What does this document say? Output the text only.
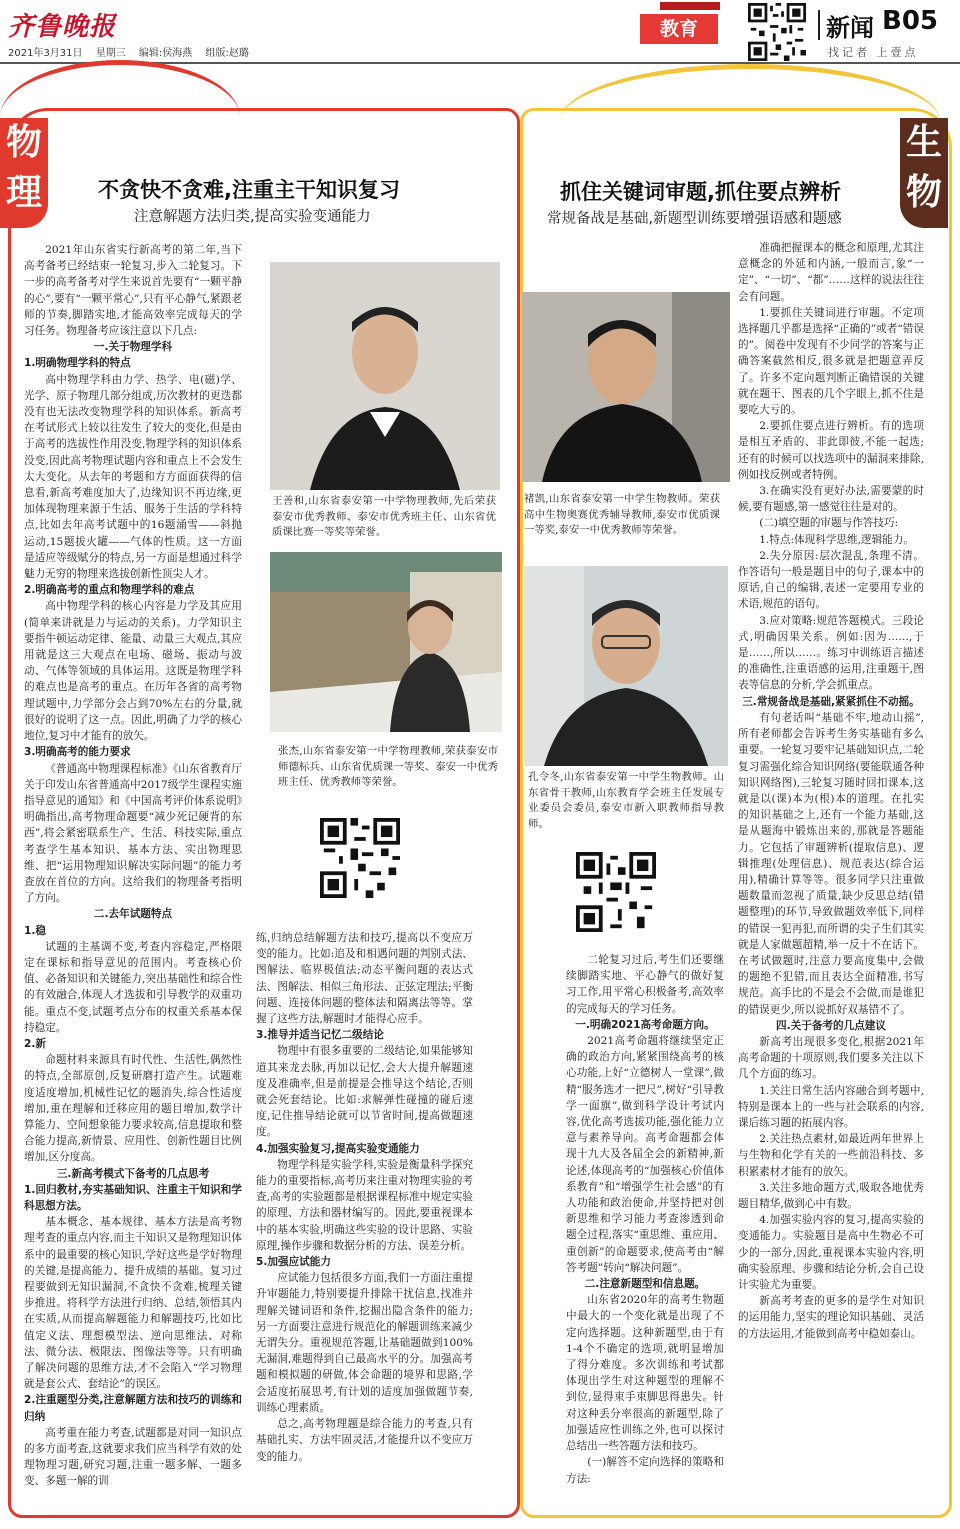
齐鲁晚报
2021年3月31日 星期三 编辑:侯海燕 组版:赵璐
教育	新闻 B05
找记者 上壹点
物
理	不贪快不贪难,注重主干知识复习
注意解题方法归类,提高实验变通能力

2021年山东省实行新高考的第二年,当下高考备考已经结束一轮复习,步入二轮复习。下一步的高考备考对学生来说首先要有“一颗平静的心”,要有“一颗平常心”,只有平心静气,紧跟老师的节奏,脚踏实地,才能高效率完成每天的学习任务。物理备考应该注意以下几点:

一.关于物理学科

1.明确物理学科的特点

高中物理学科由力学、热学、电(磁)学、光学、原子物理几部分组成,历次教材的更迭都没有也无法改变物理学科的知识体系。新高考在考试形式上较以往发生了较大的变化,但是由于高考的选拔性作用没变,物理学科的知识体系没变,因此高考物理试题内容和重点上不会发生太大变化。从去年的考题和方方面面获得的信息看,新高考难度加大了,边缘知识不再边缘,更加体现物理来源于生活、服务于生活的学科特点,比如去年高考试题中的16题涌雪——斜抛运动,15题拔火罐——气体的性质。这一方面是适应等级赋分的特点,另一方面是想通过科学魅力无穷的物理来选拔创新性顶尖人才。

2.明确高考的重点和物理学科的难点

高中物理学科的核心内容是力学及其应用(简单来讲就是力与运动的关系)。力学知识主要指牛顿运动定律、能量、动量三大观点,其应用就是这三大观点在电场、磁场、振动与波动、气体等领域的具体运用。这既是物理学科的难点也是高考的重点。在历年各省的高考物理试题中,力学部分会占到70%左右的分量,就很好的说明了这一点。因此,明确了力学的核心地位,复习中才能有的放矢。

3.明确高考的能力要求

《普通高中物理课程标准》《山东省教育厅关于印发山东省普通高中2017级学生课程实施指导意见的通知》和《中国高考评价体系说明》明确指出,高考物理命题要“减少死记硬背的东西”,将会紧密联系生产、生活、科技实际,重点考查学生基本知识、基本方法、实出物理思维、把“运用物理知识解决实际问题”的能力考查放在首位的方向。这给我们的物理备考指明了方向。

二.去年试题特点

1.稳

试题的主基调不变,考查内容稳定,严格限定在课标和指导意见的范围内。考查核心价值、必备知识和关键能力,突出基础性和综合性的有效融合,体现人才选拔和引导教学的双重功能。重点不变,试题考点分布的权重关系基本保持稳定。

2.新

命题材料来源具有时代性、生活性,偶然性的特点,全部原创,反复研磨打造产生。试题难度适度增加,机械性记忆的题消失,综合性适度增加,重在理解和迁移应用的题目增加,数学计算能力、空间想象能力要求较高,信息提取和整合能力提高,新情景、应用性、创新性题目比例增加,区分度高。

三.新高考模式下备考的几点思考

1.回归教材,夯实基础知识、注重主干知识和学科思想方法。

基本概念、基本规律、基本方法是高考物理考查的重点内容,而主干知识又是物理知识体系中的最重要的核心知识,学好这些是学好物理的关键,是提高能力、提升成绩的基础。复习过程要做到无知识漏洞,不贪快不贪难,梳理关键步推进。将科学方法进行归纳、总结,领悟其内在实质,从而提高解题能力和解题技巧,比如比值定义法、理想模型法、逆向思维法、对称法、微分法、极限法、图像法等等。只有明确了解决问题的思维方法,才不会陷入“学习物理就是套公式、套结论”的误区。

2.注重题型分类,注意解题方法和技巧的训练和归纳

高考重在能力考查,试题都是对同一知识点的多方面考查,这就要求我们应当科学有效的处理物理习题,研究习题,注重一题多解、一题多变、多题一解的训

练,归纳总结解题方法和技巧,提高以不变应万变的能力。比如:追及和相遇问题的判别式法、图解法、临界极值法;动态平衡问题的表达式法、图解法、相似三角形法、正弦定理法;平衡问题、连接体问题的整体法和隔离法等等。掌握了这些方法,解题时才能得心应手。

3.推导并适当记忆二级结论

物理中有很多重要的二级结论,如果能够知道其来龙去脉,再加以记忆,会大大提升解题速度及准确率,但是前提是会推导这个结论,否则就会死套结论。比如:求解弹性碰撞的碰后速度,记住推导结论就可以节省时间,提高做题速度。

4.加强实验复习,提高实验变通能力

物理学科是实验学科,实验是衡量科学探究能力的重要指标,高考历来注重对物理实验的考查,高考的实验题都是根据课程标准中规定实验的原理、方法和器材编写的。因此,要重视课本中的基本实验,明确这些实验的设计思路、实验原理,操作步骤和数据分析的方法、误差分析。

5.加强应试能力

应试能力包括很多方面,我们一方面注重提升审题能力,特别要提升排除干扰信息,找准并理解关键词语和条件,挖掘出隐含条件的能力;另一方面要注意进行规范化的解题训练来减少无谓失分。重视规范答题,让基础题做到100%无漏洞,难题得到自己最高水平的分。加强高考题和模拟题的研做,体会命题的境界和思路,学会适度拓展思考,有计划的适度加强做题节奏,训练心理素质。

总之,高考物理题是综合能力的考查,只有基础扎实、方法牢固灵活,才能提升以不变应万变的能力。

王善和,山东省泰安第一中学物理教师,先后荣获泰安市优秀教师、泰安市优秀班主任、山东省优质课比赛一等奖等荣誉。
张杰,山东省泰安第一中学物理教师,荣获泰安市师德标兵、山东省优质课一等奖、泰安一中优秀班主任、优秀教师等荣誉。
生
物
抓住关键词审题,抓住要点辨析
常规备战是基础,新题型训练要增强语感和题感
褚凯,山东省泰安第一中学生物教师。荣获高中生物奥赛优秀辅导教师,泰安市优质课一等奖,泰安一中优秀教师等荣誉。
孔令冬,山东省泰安第一中学生物教师。山东省骨干教师,山东教育学会班主任发展专业委员会委员,泰安市新入职教师指导教师。

二轮复习过后,考生们还要继续脚踏实地、平心静气的做好复习工作,用平常心积极备考,高效率的完成每天的学习任务。

一.明确2021高考命题方向。

2021高考命题将继续坚定正确的政治方向,紧紧围绕高考的核心功能,上好“立德树人一堂课”,做精“服务选才一把尺”,树好“引导教学一面旗”,做到科学设计考试内容,优化高考选拔功能,强化能力立意与素养导向。高考命题都会体现十九大及各届全会的新精神,新论述,体现高考的“加强核心价值体系教育”和“增强学生社会感”的有人功能和政治使命,并坚持把对创新思维和学习能力考查渗透到命题全过程,落实“重思维、重应用、重创新”的命题要求,使高考由“解答考题”转向“解决问题”。

二.注意新题型和信息题。

山东省2020年的高考生物题中最大的一个变化就是出现了不定向选择题。这种新题型,由于有1-4个不确定的选项,就明显增加了得分难度。多次训练和考试都体现出学生对这种题型的理解不到位,显得束手束脚思得患失。针对这种丢分率很高的新题型,除了加强适应性训练之外,也可以探讨总结出一些答题方法和技巧。

(一)解答不定向选择的策略和方法:

准确把握课本的概念和原理,尤其注意概念的外延和内涵,一般而言,象“一定”、“一切”、“都”……这样的说法往往会有问题。

1.要抓住关键词进行审题。不定项选择题几乎都是选择“正确的”或者“错误的”。阅卷中发现有不少同学的答案与正确答案截然相反,很多就是把题意弄反了。许多不定向题判断正确错误的关键就在题干、图表的几个字眼上,抓不住是要吃大亏的。

2.要抓住要点进行辨析。有的选项是相互矛盾的、非此即彼,不能一起选;还有的时候可以找选项中的漏洞来排除,例如找反例或者特例。

3.在确实没有更好办法,需要蒙的时候,要有题感,第一感觉往往是对的。

(二)填空题的审题与作答技巧:

1.特点:体现科学思维,逻辑能力。

2.失分原因:层次混乱,条理不清。作答语句一般是题目中的句子,课本中的原话,自己的编辑,表述一定要用专业的术语,规范的语句。

3.应对策略:规范答题模式。三段论式,明确因果关系。例如:因为……,于是……,所以……。练习中训练语言描述的准确性,注重语感的运用,注重题干,图表等信息的分析,学会抓重点。

三.常规备战是基础,紧紧抓住不动摇。

有句老话叫“基础不牢,地动山摇”,所有老师都会告诉考生务实基础有多么重要。一轮复习要牢记基础知识点,二轮复习需强化综合知识网络(要能联通各种知识网络图),三轮复习随时回扣课本,这就是以(课)本为(根)本的道理。在扎实的知识基础之上,还有一个能力基础,这是从题海中锻炼出来的,那就是答题能力。它包括了审题辨析(提取信息)、逻辑推理(处理信息)、规范表达(综合运用),精确计算等等。很多同学只注重做题数量而忽视了质量,缺少反思总结(错题整理)的环节,导致做题效率低下,同样的错误一犯再犯,而所谓的尖子生们其实就是人家做题超精,举一反十不在话下。在考试做题时,注意力要高度集中,会做的题绝不犯错,而且表达全面精准,书写规范。高手比的不是会不会做,而是谁犯的错误更少,所以说抓好双基错不了。

四.关于备考的几点建议

新高考出现很多变化,根据2021年高考命题的十项原则,我们要多关注以下几个方面的练习。

1.关注日常生活内容融合到考题中,特别是课本上的一些与社会联系的内容,课后练习题的拓展内容。

2.关注热点素材,如最近两年世界上与生物和化学有关的一些前沿科技、多积累素材才能有的放矢。

3.关注多地命题方式,吸取各地优秀题目精华,做到心中有数。

4.加强实验内容的复习,提高实验的变通能力。实验题目是高中生物必不可少的一部分,因此,重视课本实验内容,明确实验原理、步骤和结论分析,会自己设计实验尤为重要。

新高考考查的更多的是学生对知识的运用能力,坚实的理论知识基础、灵活的方法运用,才能做到高考中稳如泰山。
